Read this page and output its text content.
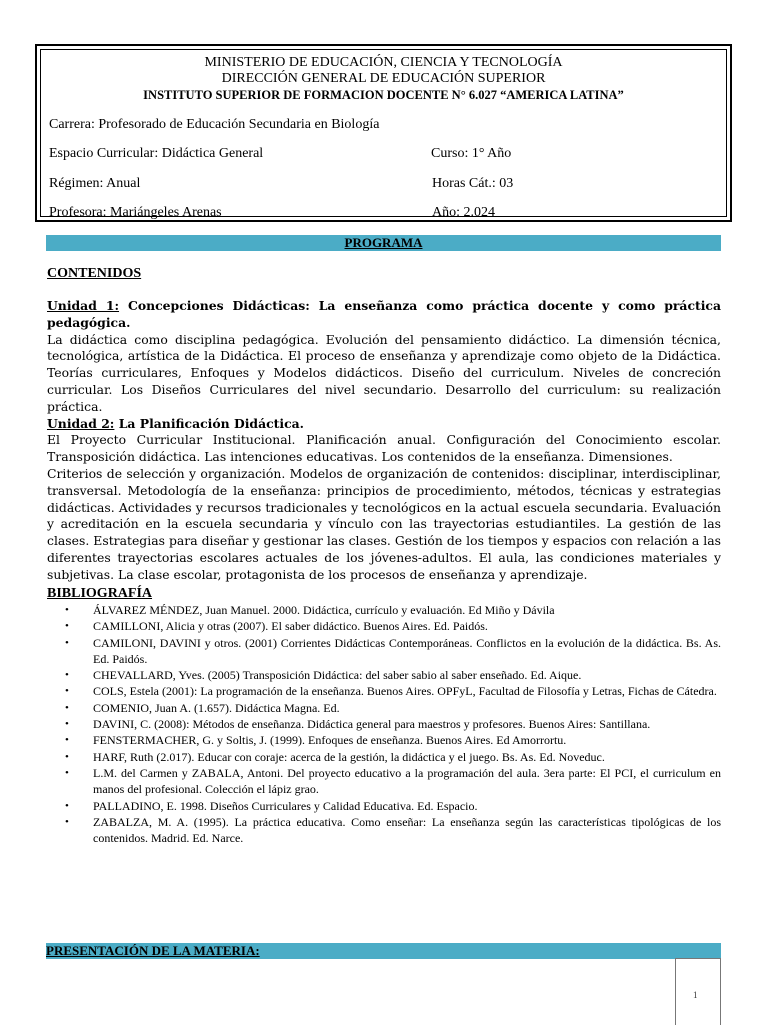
MINISTERIO DE EDUCACIÓN, CIENCIA Y TECNOLOGÍA
DIRECCIÓN GENERAL DE EDUCACIÓN SUPERIOR
INSTITUTO SUPERIOR DE FORMACION DOCENTE N° 6.027 “AMERICA LATINA”
Carrera: Profesorado de Educación Secundaria en Biología
Espacio Curricular: Didáctica General	Curso: 1° Año
Régimen: Anual	Horas Cát.: 03
Profesora: Mariángeles Arenas	Año: 2.024
PROGRAMA
CONTENIDOS

Unidad 1: Concepciones Didácticas: La enseñanza como práctica docente y como práctica pedagógica.

La didáctica como disciplina pedagógica. Evolución del pensamiento didáctico. La dimensión técnica, tecnológica, artística de la Didáctica. El proceso de enseñanza y aprendizaje como objeto de la Didáctica. Teorías curriculares, Enfoques y Modelos didácticos. Diseño del curriculum. Niveles de concreción curricular. Los Diseños Curriculares del nivel secundario. Desarrollo del curriculum: su realización práctica.

Unidad 2: La Planificación Didáctica.

El Proyecto Curricular Institucional. Planificación anual. Configuración del Conocimiento escolar. Transposición didáctica. Las intenciones educativas. Los contenidos de la enseñanza. Dimensiones.

Criterios de selección y organización. Modelos de organización de contenidos: disciplinar, interdisciplinar, transversal. Metodología de la enseñanza: principios de procedimiento, métodos, técnicas y estrategias didácticas. Actividades y recursos tradicionales y tecnológicos en la actual escuela secundaria. Evaluación y acreditación en la escuela secundaria y vínculo con las trayectorias estudiantiles. La gestión de las clases. Estrategias para diseñar y gestionar las clases. Gestión de los tiempos y espacios con relación a las diferentes trayectorias escolares actuales de los jóvenes-adultos. El aula, las condiciones materiales y subjetivas. La clase escolar, protagonista de los procesos de enseñanza y aprendizaje.

BIBLIOGRAFÍA
• ÁLVAREZ MÉNDEZ, Juan Manuel. 2000. Didáctica, currículo y evaluación. Ed Miño y Dávila
• CAMILLONI, Alicia y otras (2007). El saber didáctico. Buenos Aires. Ed. Paidós.
• CAMILONI, DAVINI y otros. (2001) Corrientes Didácticas Contemporáneas. Conflictos en la evolución de la didáctica. Bs. As. Ed. Paidós.
• CHEVALLARD, Yves. (2005) Transposición Didáctica: del saber sabio al saber enseñado. Ed. Aique.
• COLS, Estela (2001): La programación de la enseñanza. Buenos Aires. OPFyL, Facultad de Filosofía y Letras, Fichas de Cátedra.
• COMENIO, Juan A. (1.657). Didáctica Magna. Ed.
• DAVINI, C. (2008): Métodos de enseñanza. Didáctica general para maestros y profesores. Buenos Aires: Santillana.
• FENSTERMACHER, G. y Soltis, J. (1999). Enfoques de enseñanza. Buenos Aires. Ed Amorrortu.
• HARF, Ruth (2.017). Educar con coraje: acerca de la gestión, la didáctica y el juego. Bs. As. Ed. Noveduc.
• L.M. del Carmen y ZABALA, Antoni. Del proyecto educativo a la programación del aula. 3era parte: El PCI, el curriculum en manos del profesional. Colección el lápiz grao.
• PALLADINO, E. 1998. Diseños Curriculares y Calidad Educativa. Ed. Espacio.
• ZABALZA, M. A. (1995). La práctica educativa. Como enseñar: La enseñanza según las características tipológicas de los contenidos. Madrid. Ed. Narce.
PRESENTACIÓN DE LA MATERIA:
1
